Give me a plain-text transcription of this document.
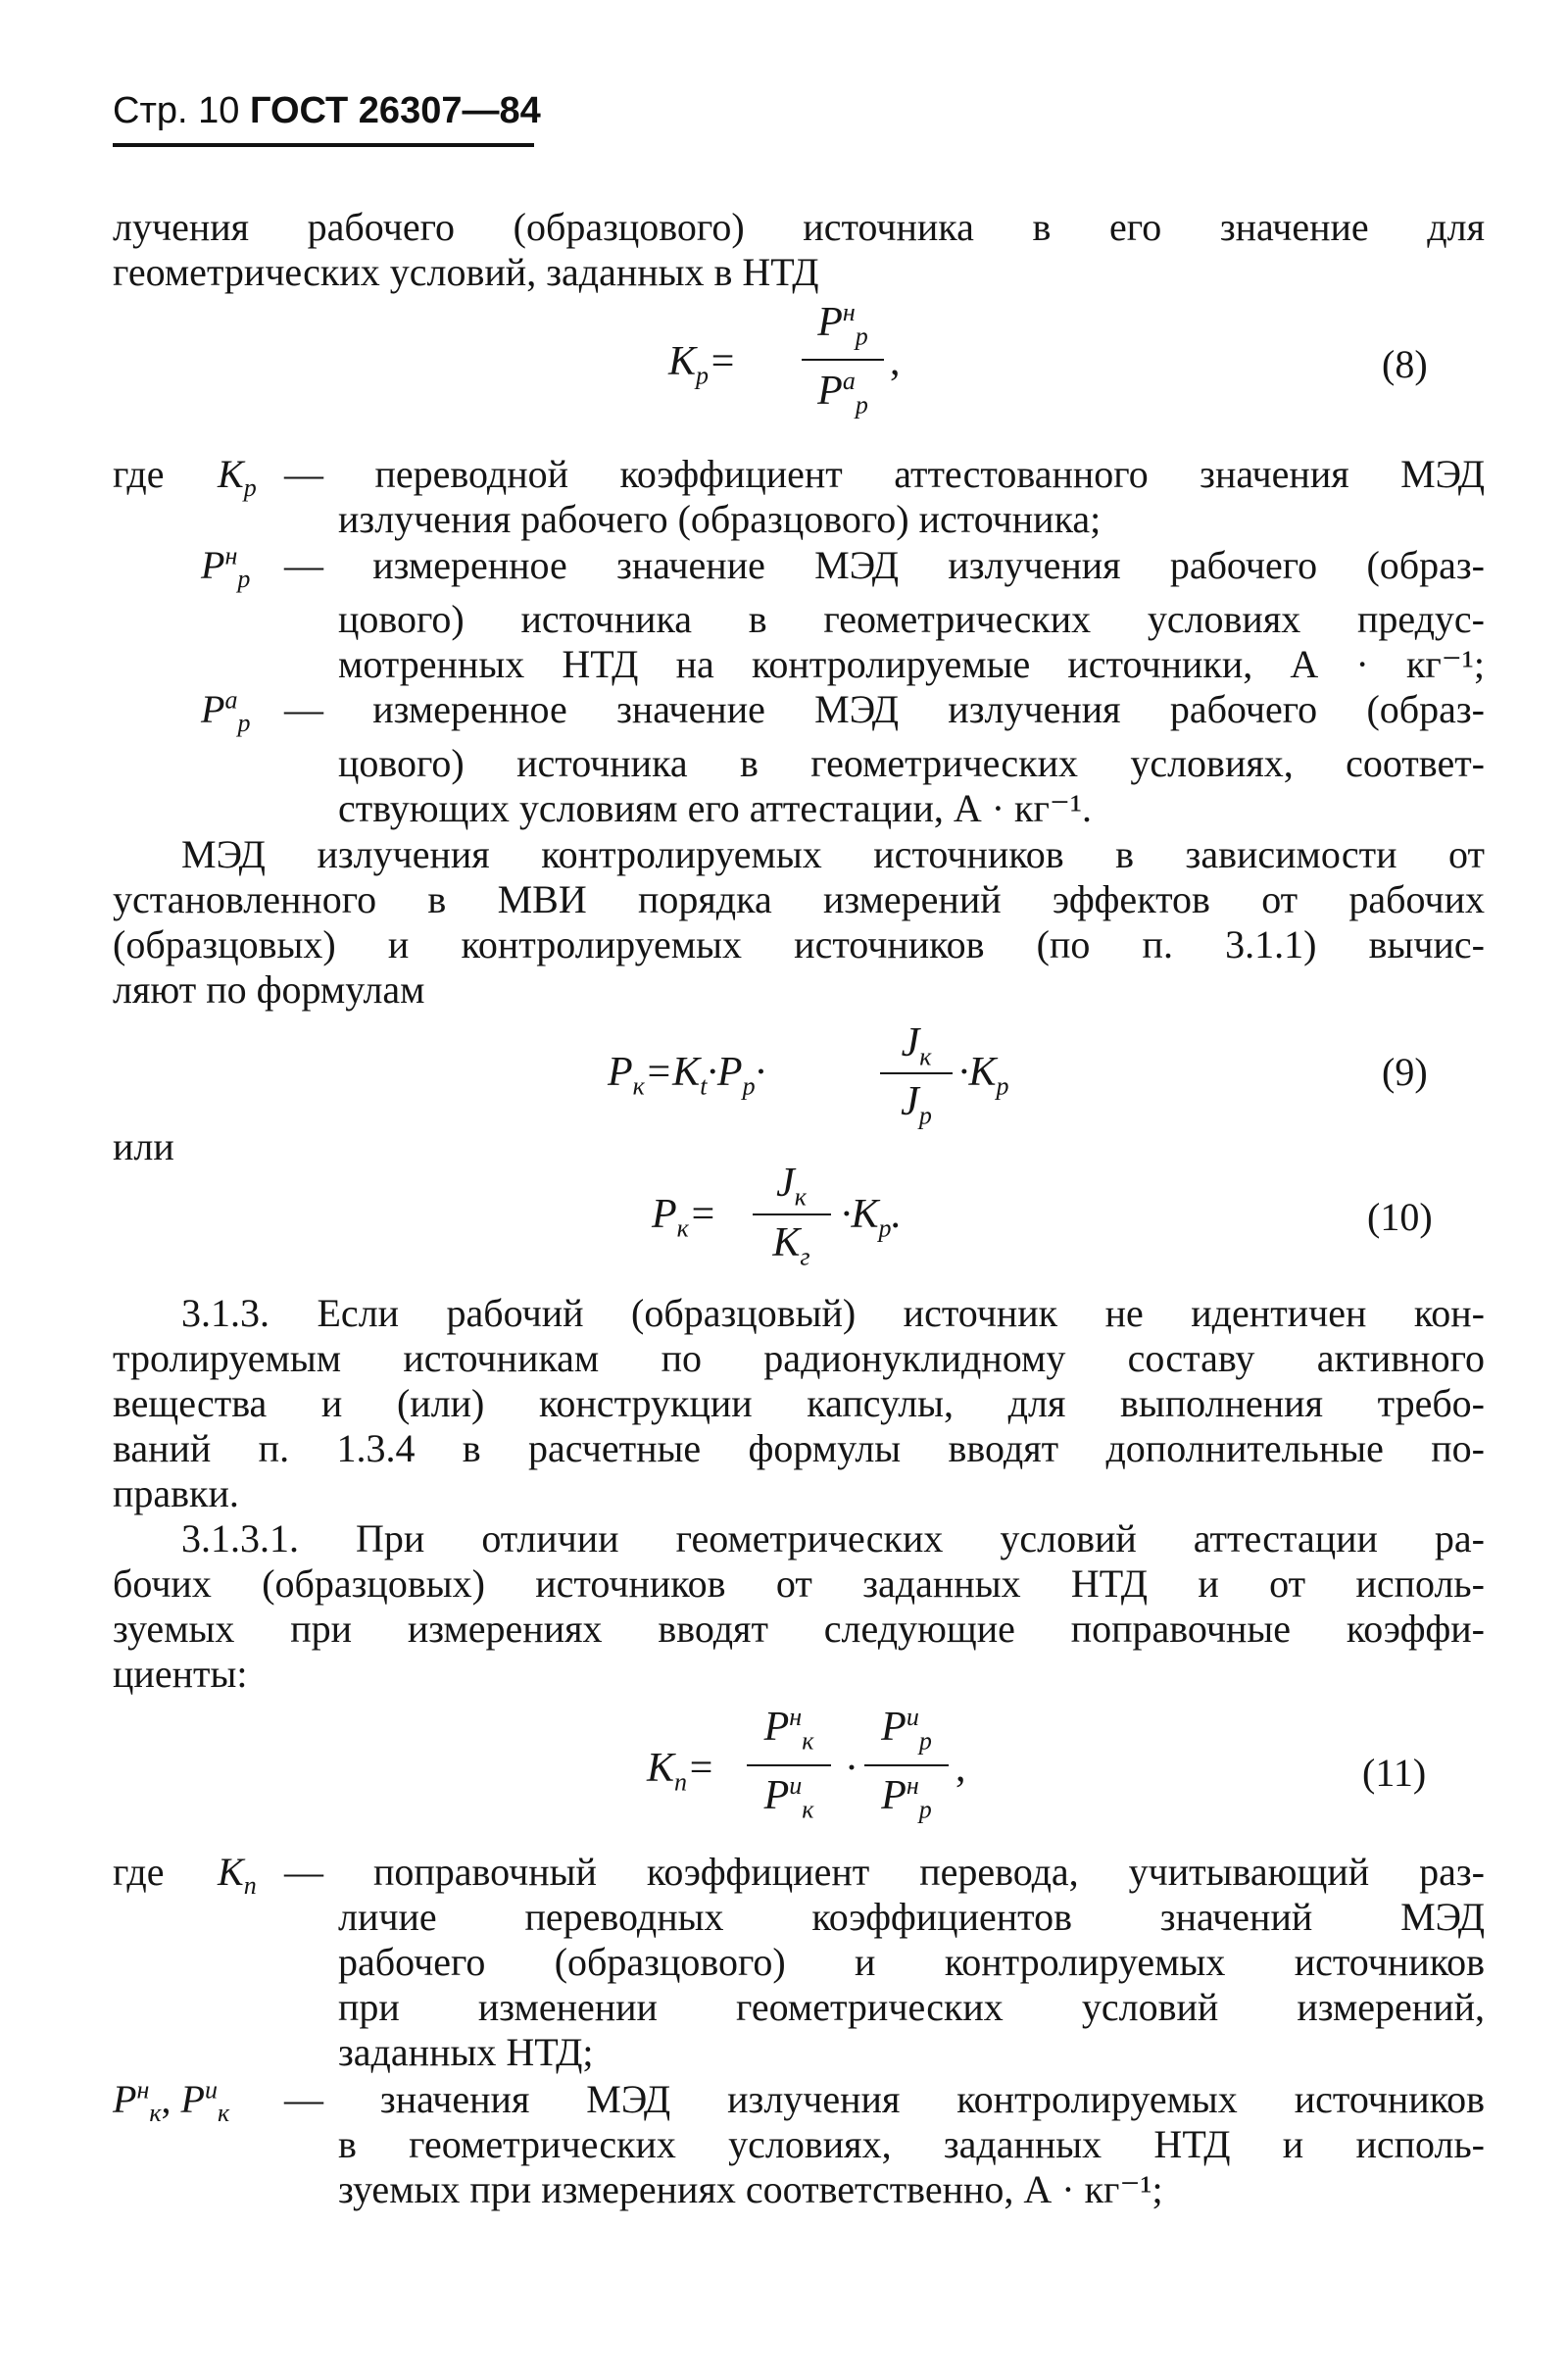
Стр. 10 ГОСТ 26307—84
лучения рабочего (образцового) источника в его значение для
геометрических условий, заданных в НТД
$K_р=$
$P^н_р$
$P^а_р$
,	(8)
где $K_р$ — переводной коэффициент аттестованного значения МЭД
излучения рабочего (образцового) источника;
$P^н_р$ — измеренное значение МЭД излучения рабочего (образ-
цового) источника в геометрических условиях предус-
мотренных НТД на контролируемые источники, А · кг⁻¹;
$P^а_р$ — измеренное значение МЭД излучения рабочего (образ-
цового) источника в геометрических условиях, соответ-
ствующих условиям его аттестации, А · кг⁻¹.
МЭД излучения контролируемых источников в зависимости от
установленного в МВИ порядка измерений эффектов от рабочих
(образцовых) и контролируемых источников (по п. 3.1.1) вычис-
ляют по формулам
$P_к=K_t\cdot P_р\cdot$
$J_к$
$J_р$
$\cdot K_р$	(9)
или
$P_к=$
$J_к$
$K_г$
$\cdot K_р$.	(10)
3.1.3. Если рабочий (образцовый) источник не идентичен кон-
тролируемым источникам по радионуклидному составу активного
вещества и (или) конструкции капсулы, для выполнения требо-
ваний п. 1.3.4 в расчетные формулы вводят дополнительные по-
правки.
3.1.3.1. При отличии геометрических условий аттестации ра-
бочих (образцовых) источников от заданных НТД и от исполь-
зуемых при измерениях вводят следующие поправочные коэффи-
циенты:
$K_п=$
$P^н_к$
$P^и_к$
·
$P^и_р$
$P^н_р$
,	(11)
где $K_п$ — поправочный коэффициент перевода, учитывающий раз-
личие переводных коэффициентов значений МЭД
рабочего (образцового) и контролируемых источников
при изменении геометрических условий измерений,
заданных НТД;
$P^н_к$, $P^и_к$ — значения МЭД излучения контролируемых источников
в геометрических условиях, заданных НТД и исполь-
зуемых при измерениях соответственно, А · кг⁻¹;
